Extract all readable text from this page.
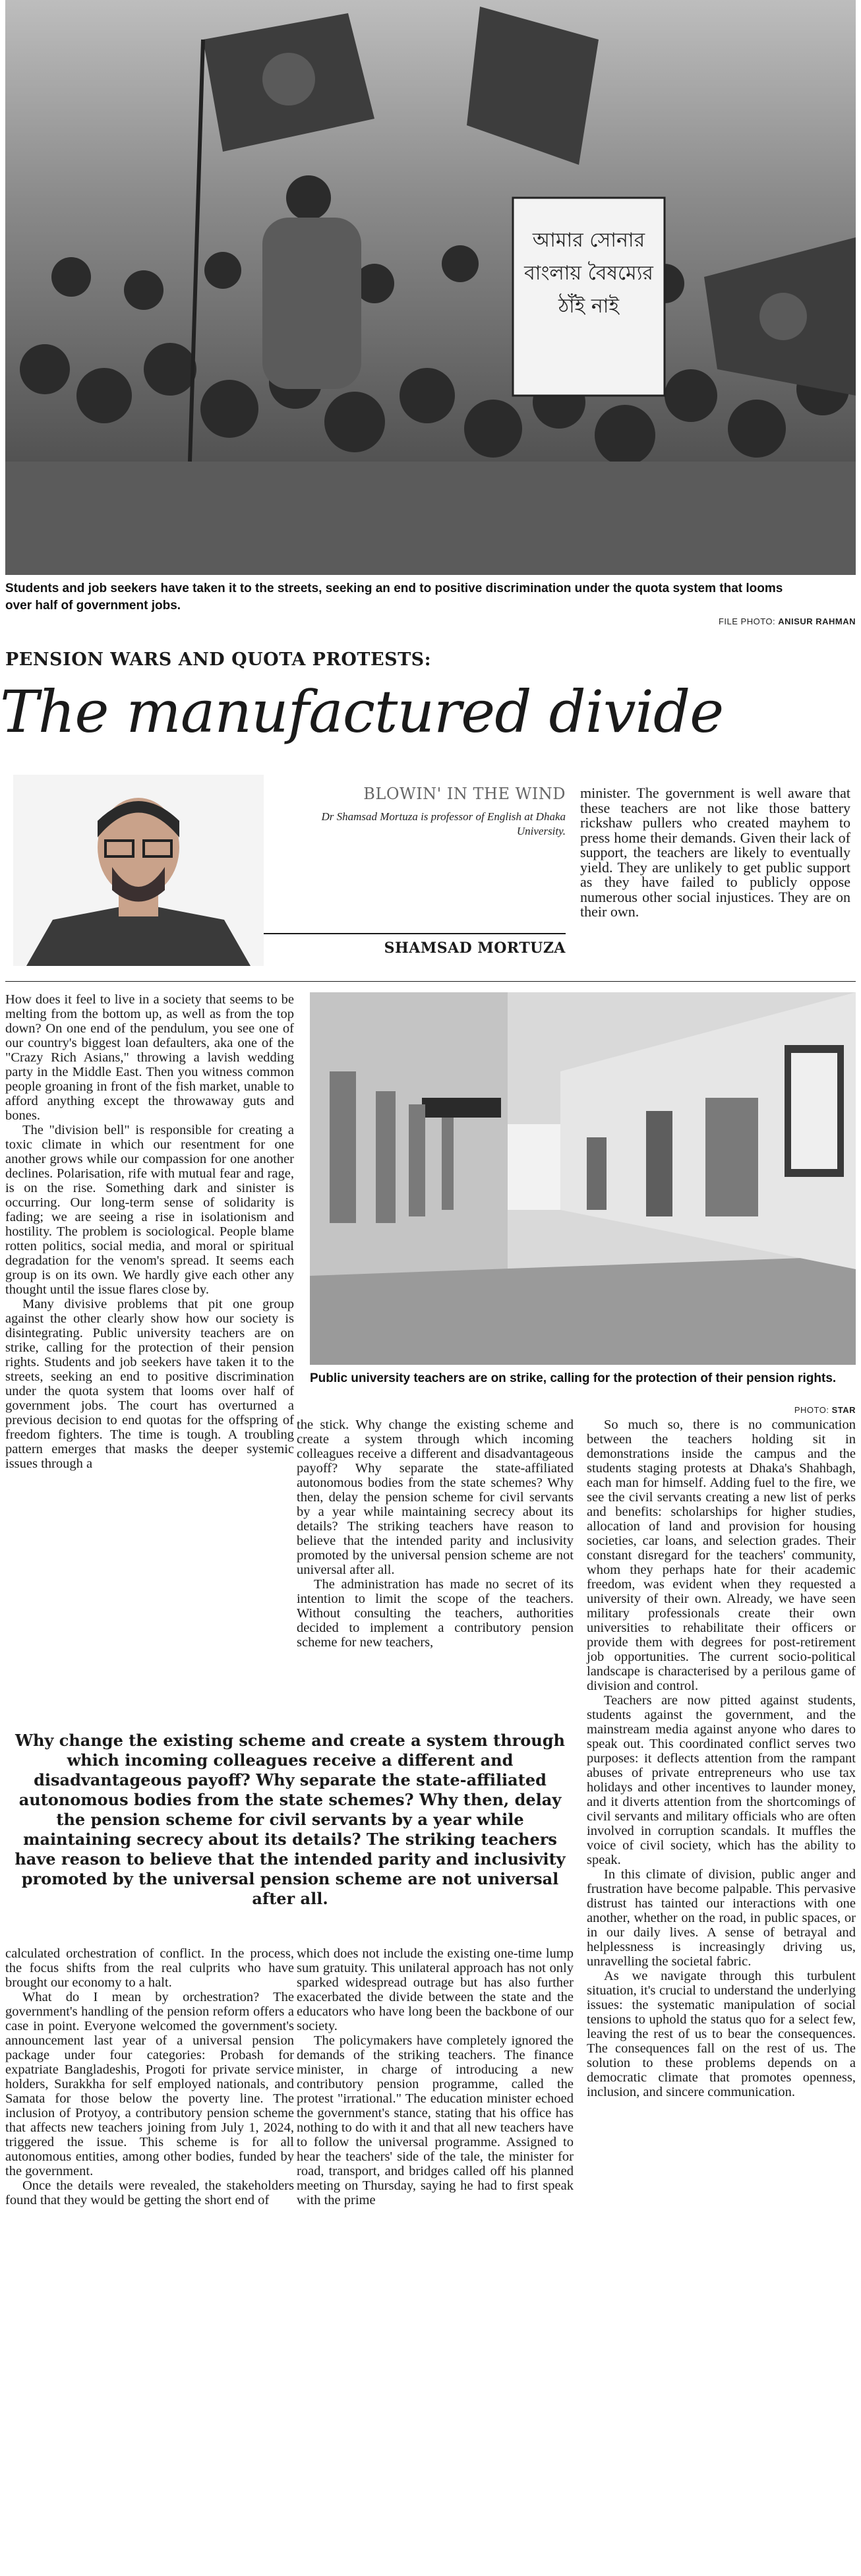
আমার সোনার বাংলায় বৈষম্যের ঠাঁই নাই
Students and job seekers have taken it to the streets, seeking an end to positive discrimination under the quota system that looms over half of government jobs.
FILE PHOTO: ANISUR RAHMAN
PENSION WARS AND QUOTA PROTESTS:
The manufactured divide
BLOWIN' IN THE WIND
Dr Shamsad Mortuza is professor of English at Dhaka University.
SHAMSAD MORTUZA

minister. The government is well aware that these teachers are not like those battery rickshaw pullers who created mayhem to press home their demands. Given their lack of support, the teachers are likely to eventually yield. They are unlikely to get public support as they have failed to publicly oppose numerous other social injustices. They are on their own.

How does it feel to live in a society that seems to be melting from the bottom up, as well as from the top down? On one end of the pendulum, you see one of our country's biggest loan defaulters, aka one of the "Crazy Rich Asians," throwing a lavish wedding party in the Middle East. Then you witness common people groaning in front of the fish market, unable to afford anything except the throwaway guts and bones.

The "division bell" is responsible for creating a toxic climate in which our resentment for one another grows while our compassion for one another declines. Polarisation, rife with mutual fear and rage, is on the rise. Something dark and sinister is occurring. Our long-term sense of solidarity is fading; we are seeing a rise in isolationism and hostility. The problem is sociological. People blame rotten politics, social media, and moral or spiritual degradation for the venom's spread. It seems each group is on its own. We hardly give each other any thought until the issue flares close by.

Many divisive problems that pit one group against the other clearly show how our society is disintegrating. Public university teachers are on strike, calling for the protection of their pension rights. Students and job seekers have taken it to the streets, seeking an end to positive discrimination under the quota system that looms over half of government jobs. The court has overturned a previous decision to end quotas for the offspring of freedom fighters. The time is tough. A troubling pattern emerges that masks the deeper systemic issues through a

Public university teachers are on strike, calling for the protection of their pension rights.
PHOTO: STAR

the stick. Why change the existing scheme and create a system through which incoming colleagues receive a different and disadvantageous payoff? Why separate the state-affiliated autonomous bodies from the state schemes? Why then, delay the pension scheme for civil servants by a year while maintaining secrecy about its details? The striking teachers have reason to believe that the intended parity and inclusivity promoted by the universal pension scheme are not universal after all.

The administration has made no secret of its intention to limit the scope of the teachers. Without consulting the teachers, authorities decided to implement a contributory pension scheme for new teachers,

So much so, there is no communication between the teachers holding sit in demonstrations inside the campus and the students staging protests at Dhaka's Shahbagh, each man for himself. Adding fuel to the fire, we see the civil servants creating a new list of perks and benefits: scholarships for higher studies, allocation of land and provision for housing societies, car loans, and selection grades. Their constant disregard for the teachers' community, whom they perhaps hate for their academic freedom, was evident when they requested a university of their own. Already, we have seen military professionals create their own universities to rehabilitate their officers or provide them with degrees for post-retirement job opportunities. The current socio-political landscape is characterised by a perilous game of division and control.

Teachers are now pitted against students, students against the government, and the mainstream media against anyone who dares to speak out. This coordinated conflict serves two purposes: it deflects attention from the rampant abuses of private entrepreneurs who use tax holidays and other incentives to launder money, and it diverts attention from the shortcomings of civil servants and military officials who are often involved in corruption scandals. It muffles the voice of civil society, which has the ability to speak.

In this climate of division, public anger and frustration have become palpable. This pervasive distrust has tainted our interactions with one another, whether on the road, in public spaces, or in our daily lives. A sense of betrayal and helplessness is increasingly driving us, unravelling the societal fabric.

As we navigate through this turbulent situation, it's crucial to understand the underlying issues: the systematic manipulation of social tensions to uphold the status quo for a select few, leaving the rest of us to bear the consequences. The consequences fall on the rest of us. The solution to these problems depends on a democratic climate that promotes openness, inclusion, and sincere communication.

Why change the existing scheme and create a system through which incoming colleagues receive a different and disadvantageous payoff? Why separate the state-affiliated autonomous bodies from the state schemes? Why then, delay the pension scheme for civil servants by a year while maintaining secrecy about its details? The striking teachers have reason to believe that the intended parity and inclusivity promoted by the universal pension scheme are not universal after all.

calculated orchestration of conflict. In the process, the focus shifts from the real culprits who have brought our economy to a halt.

What do I mean by orchestration? The government's handling of the pension reform offers a case in point. Everyone welcomed the government's announcement last year of a universal pension package under four categories: Probash for expatriate Bangladeshis, Progoti for private service holders, Surakkha for self employed nationals, and Samata for those below the poverty line. The inclusion of Protyoy, a contributory pension scheme that affects new teachers joining from July 1, 2024, triggered the issue. This scheme is for all autonomous entities, among other bodies, funded by the government.

Once the details were revealed, the stakeholders found that they would be getting the short end of

which does not include the existing one-time lump sum gratuity. This unilateral approach has not only sparked widespread outrage but has also further exacerbated the divide between the state and the educators who have long been the backbone of our society.

The policymakers have completely ignored the demands of the striking teachers. The finance minister, in charge of introducing a new contributory pension programme, called the protest "irrational." The education minister echoed the government's stance, stating that his office has nothing to do with it and that all new teachers have to follow the universal programme. Assigned to hear the teachers' side of the tale, the minister for road, transport, and bridges called off his planned meeting on Thursday, saying he had to first speak with the prime
